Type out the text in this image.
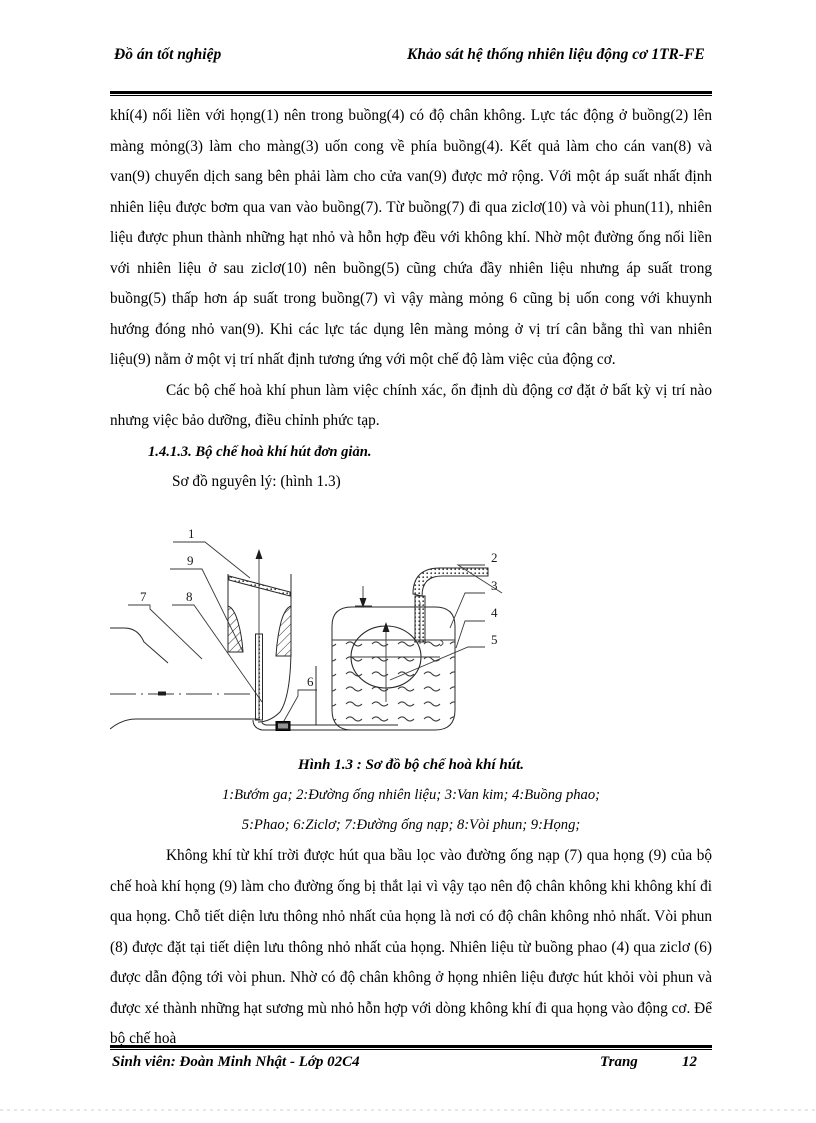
Đồ án tốt nghiệp	Khảo sát hệ thống nhiên liệu động cơ 1TR-FE

khí(4) nối liền với họng(1) nên trong buồng(4) có độ chân không. Lực tác động ở buồng(2) lên màng mỏng(3) làm cho màng(3) uốn cong về phía buồng(4). Kết quả làm cho cán van(8) và van(9) chuyển dịch sang bên phải làm cho cửa van(9) được mở rộng. Với một áp suất nhất định nhiên liệu được bơm qua van vào buồng(7). Từ buồng(7) đi qua ziclơ(10) và vòi phun(11), nhiên liệu được phun thành những hạt nhỏ và hỗn hợp đều với không khí. Nhờ một đường ống nối liền với nhiên liệu ở sau ziclơ(10) nên buồng(5) cũng chứa đầy nhiên liệu nhưng áp suất trong buồng(5) thấp hơn áp suất trong buồng(7) vì vậy màng mỏng 6 cũng bị uốn cong với khuynh hướng đóng nhỏ van(9). Khi các lực tác dụng lên màng mỏng ở vị trí cân bằng thì van nhiên liệu(9) nằm ở một vị trí nhất định tương ứng với một chế độ làm việc của động cơ.

Các bộ chế hoà khí phun làm việc chính xác, ổn định dù động cơ đặt ở bất kỳ vị trí nào nhưng việc bảo dưỡng, điều chỉnh phức tạp.

1.4.1.3. Bộ chế hoà khí hút đơn giản.

Sơ đồ nguyên lý: (hình 1.3)

1
9
7	8
2
3
4
5
6
Hình 1.3 : Sơ đồ bộ chế hoà khí hút.
1:Bướm ga; 2:Đường ống nhiên liệu; 3:Van kim; 4:Buồng phao;
5:Phao; 6:Ziclơ; 7:Đường ống nạp; 8:Vòi phun; 9:Họng;

Không khí từ khí trời được hút qua bầu lọc vào đường ống nạp (7) qua họng (9) của bộ chế hoà khí họng (9) làm cho đường ống bị thắt lại vì vậy tạo nên độ chân không khi không khí đi qua họng. Chỗ tiết diện lưu thông nhỏ nhất của họng là nơi có độ chân không nhỏ nhất. Vòi phun (8) được đặt tại tiết diện lưu thông nhỏ nhất của họng. Nhiên liệu từ buồng phao (4) qua ziclơ (6) được dẫn động tới vòi phun. Nhờ có độ chân không ở họng nhiên liệu được hút khỏi vòi phun và được xé thành những hạt sương mù nhỏ hỗn hợp với dòng không khí đi qua họng vào động cơ. Để bộ chế hoà

Sinh viên: Đoàn Minh Nhật - Lớp 02C4	Trang	12
